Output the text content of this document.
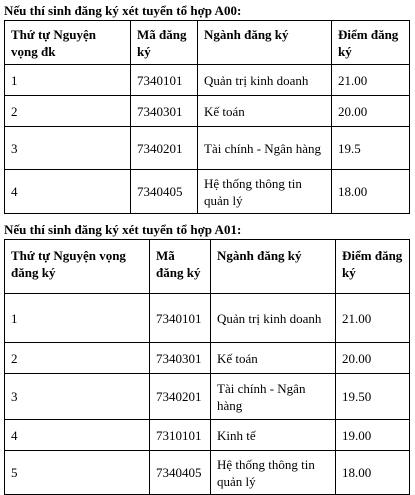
Nếu thí sinh đăng ký xét tuyển tổ hợp A00:
Thứ tự Nguyện vọng đk	Mã đăng ký	Ngành đăng ký	Điểm đăng ký
1	7340101	Quản trị kinh doanh	21.00
2	7340301	Kế toán	20.00
3	7340201	Tài chính - Ngân hàng	19.5
4	7340405	Hệ thống thông tin quản lý	18.00
Nếu thí sinh đăng ký xét tuyển tổ hợp A01:
Thứ tự Nguyện vọng đăng ký	Mã đăng ký	Ngành đăng ký	Điểm đăng ký
1	7340101	Quản trị kinh doanh	21.00
2	7340301	Kế toán	20.00
3	7340201	Tài chính - Ngân hàng	19.50
4	7310101	Kinh tế	19.00
5	7340405	Hệ thống thông tin quản lý	18.00
